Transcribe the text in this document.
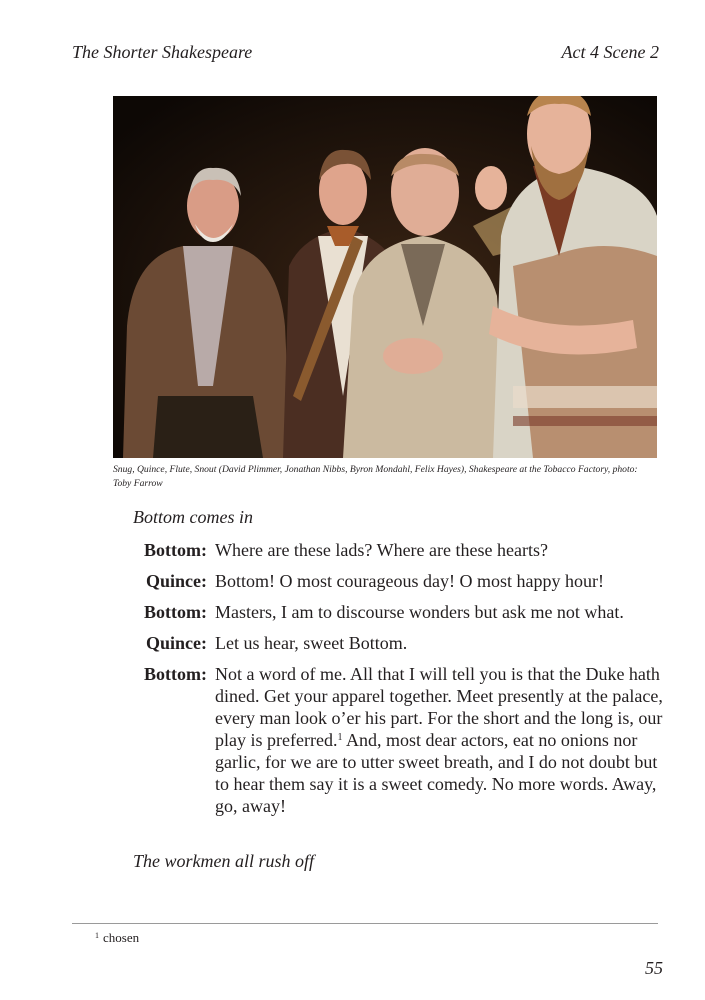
The Shorter Shakespeare	Act 4 Scene 2
Snug, Quince, Flute, Snout (David Plimmer, Jonathan Nibbs, Byron Mondahl, Felix Hayes), Shakespeare at the Tobacco Factory, photo: Toby Farrow
Bottom comes in
Bottom: Where are these lads? Where are these hearts?
Quince: Bottom! O most courageous day! O most happy hour!
Bottom: Masters, I am to discourse wonders but ask me not what.
Quince: Let us hear, sweet Bottom.
Bottom: Not a word of me. All that I will tell you is that the Duke hath dined. Get your apparel together. Meet presently at the palace, every man look o’er his part. For the short and the long is, our play is preferred.$^1$ And, most dear actors, eat no onions nor garlic, for we are to utter sweet breath, and I do not doubt but to hear them say it is a sweet comedy. No more words. Away, go, away!
The workmen all rush off
$^1$ chosen
55
